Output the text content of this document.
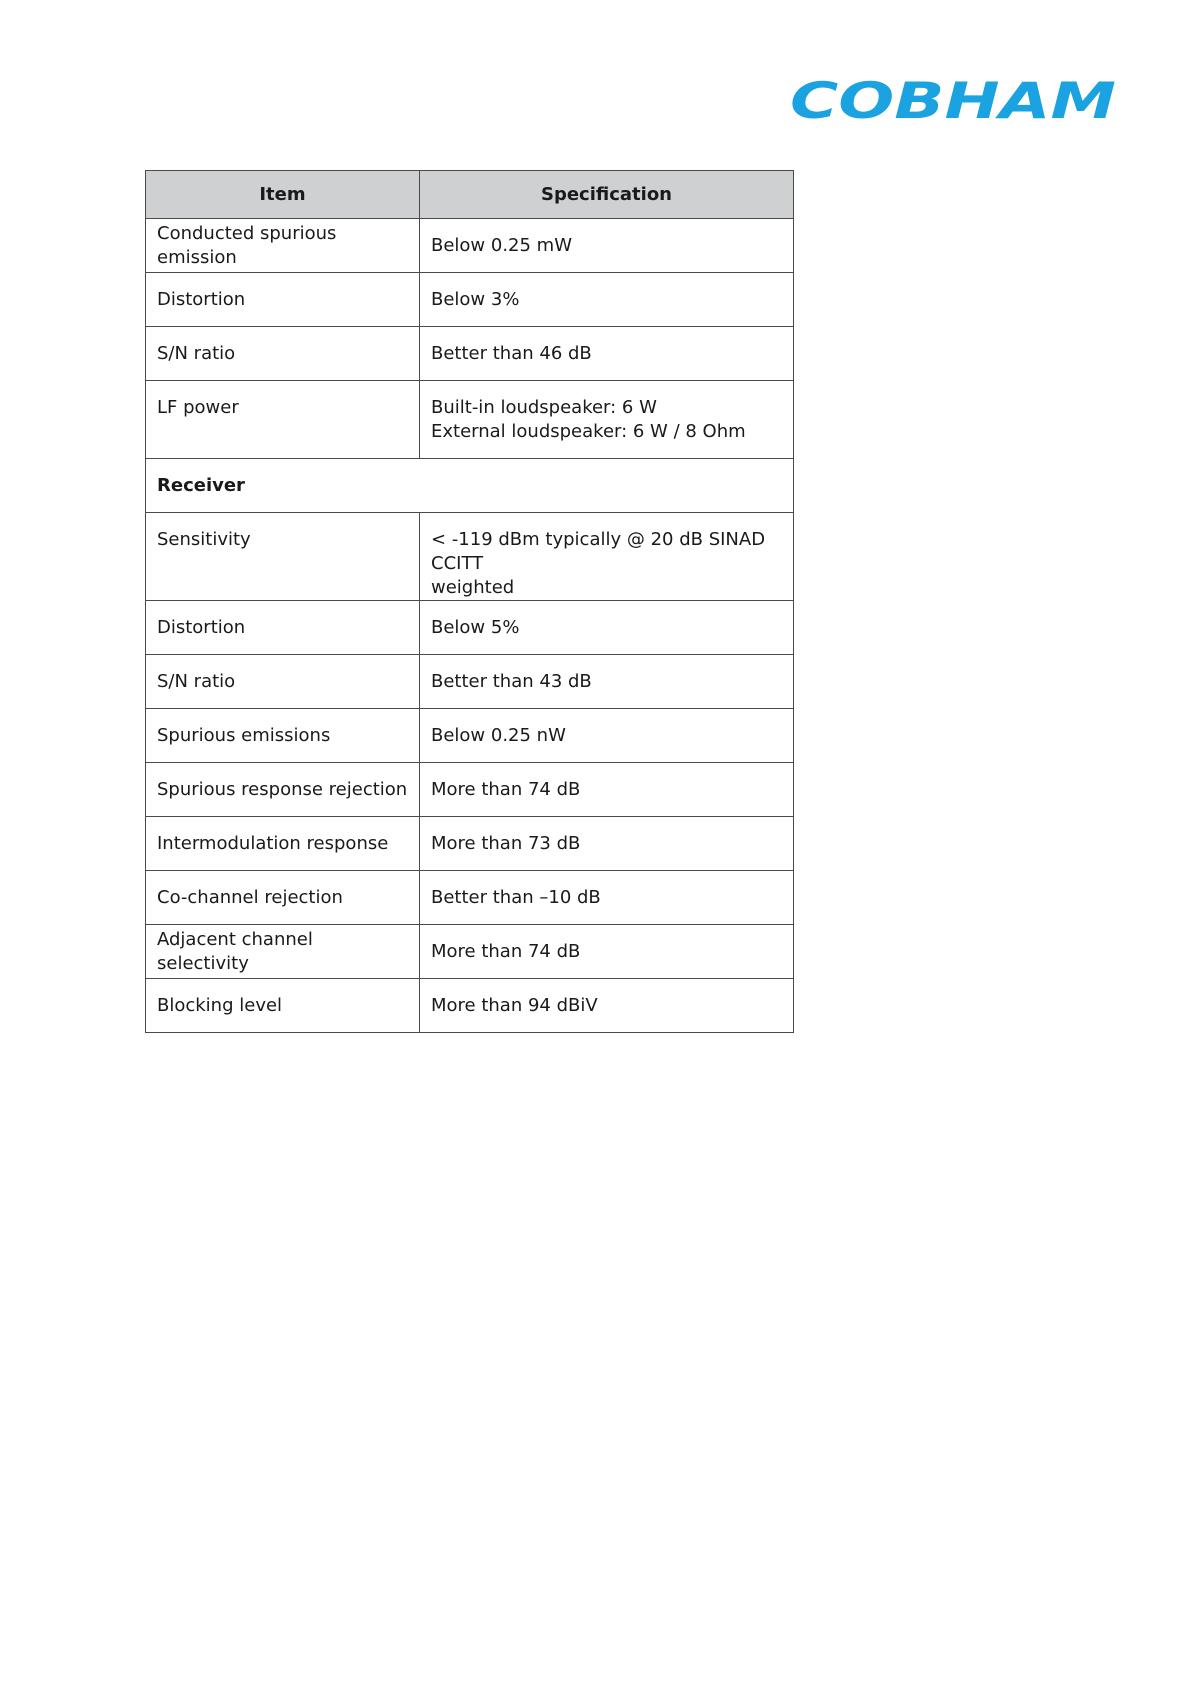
COBHAM
Item	Specification
Conducted spurious emission	Below 0.25 mW
Distortion	Below 3%
S/N ratio	Better than 46 dB
LF power	Built-in loudspeaker: 6 W
External loudspeaker: 6 W / 8 Ohm

Receiver	
Sensitivity	< -119 dBm typically @ 20 dB SINAD CCITT
weighted

Distortion	Below 5%
S/N ratio	Better than 43 dB
Spurious emissions	Below 0.25 nW
Spurious response rejection	More than 74 dB
Intermodulation response	More than 73 dB
Co-channel rejection	Better than –10 dB
Adjacent channel selectivity	More than 74 dB
Blocking level	More than 94 dBiV
